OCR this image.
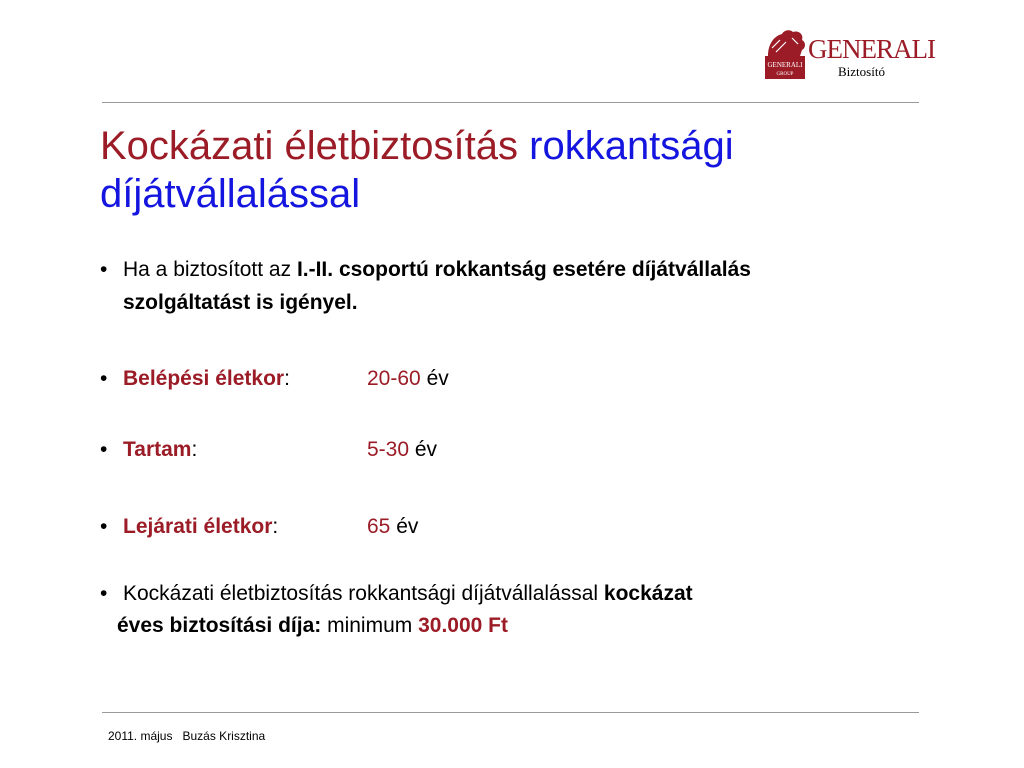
GENERALI
GROUP
GENERALI
Biztosító
Kockázati életbiztosítás rokkantsági díjátvállalással
• Ha a biztosított az I.-II. csoportú rokkantság esetére díjátvállalás
szolgáltatást is igényel.
• Belépési életkor:	20-60 év
• Tartam:	5-30 év
• Lejárati életkor:	65 év
• Kockázati életbiztosítás rokkantsági díjátvállalással kockázat
éves biztosítási díja: minimum 30.000 Ft
2011. május Buzás Krisztina
